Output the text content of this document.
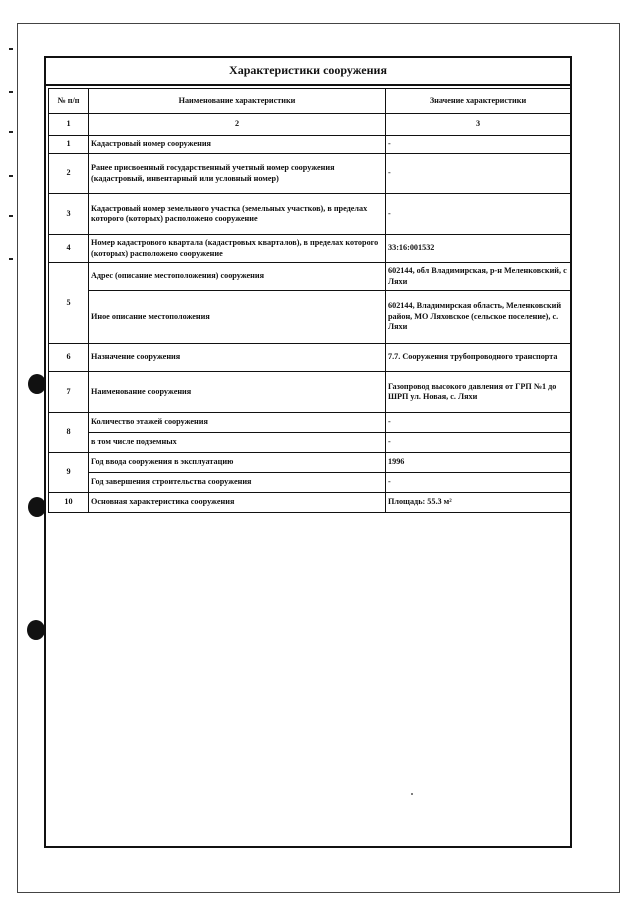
Характеристики сооружения
№ п/п	Наименование характеристики	Значение характеристики
1	2	3
1	Кадастровый номер сооружения	-
2	Ранее присвоенный государственный учетный номер сооружения (кадастровый, инвентарный или условный номер)	-
3	Кадастровый номер земельного участка (земельных участков), в пределах которого (которых) расположено сооружение	-
4	Номер кадастрового квартала (кадастровых кварталов), в пределах которого (которых) расположено сооружение	33:16:001532
5	Адрес (описание местоположения) сооружения	602144, обл Владимирская, р-н Меленковский, с Ляхи
	Иное описание местоположения	602144, Владимирская область, Меленковский район, МО Ляховское (сельское поселение), с. Ляхи
6	Назначение сооружения	7.7. Сооружения трубопроводного транспорта
7	Наименование сооружения	Газопровод высокого давления от ГРП №1 до ШРП ул. Новая, с. Ляхи
8	Количество этажей сооружения	-
	в том числе подземных	-
9	Год ввода сооружения в эксплуатацию	1996
	Год завершения строительства сооружения	-
10	Основная характеристика сооружения	Площадь: 55.3 м²
